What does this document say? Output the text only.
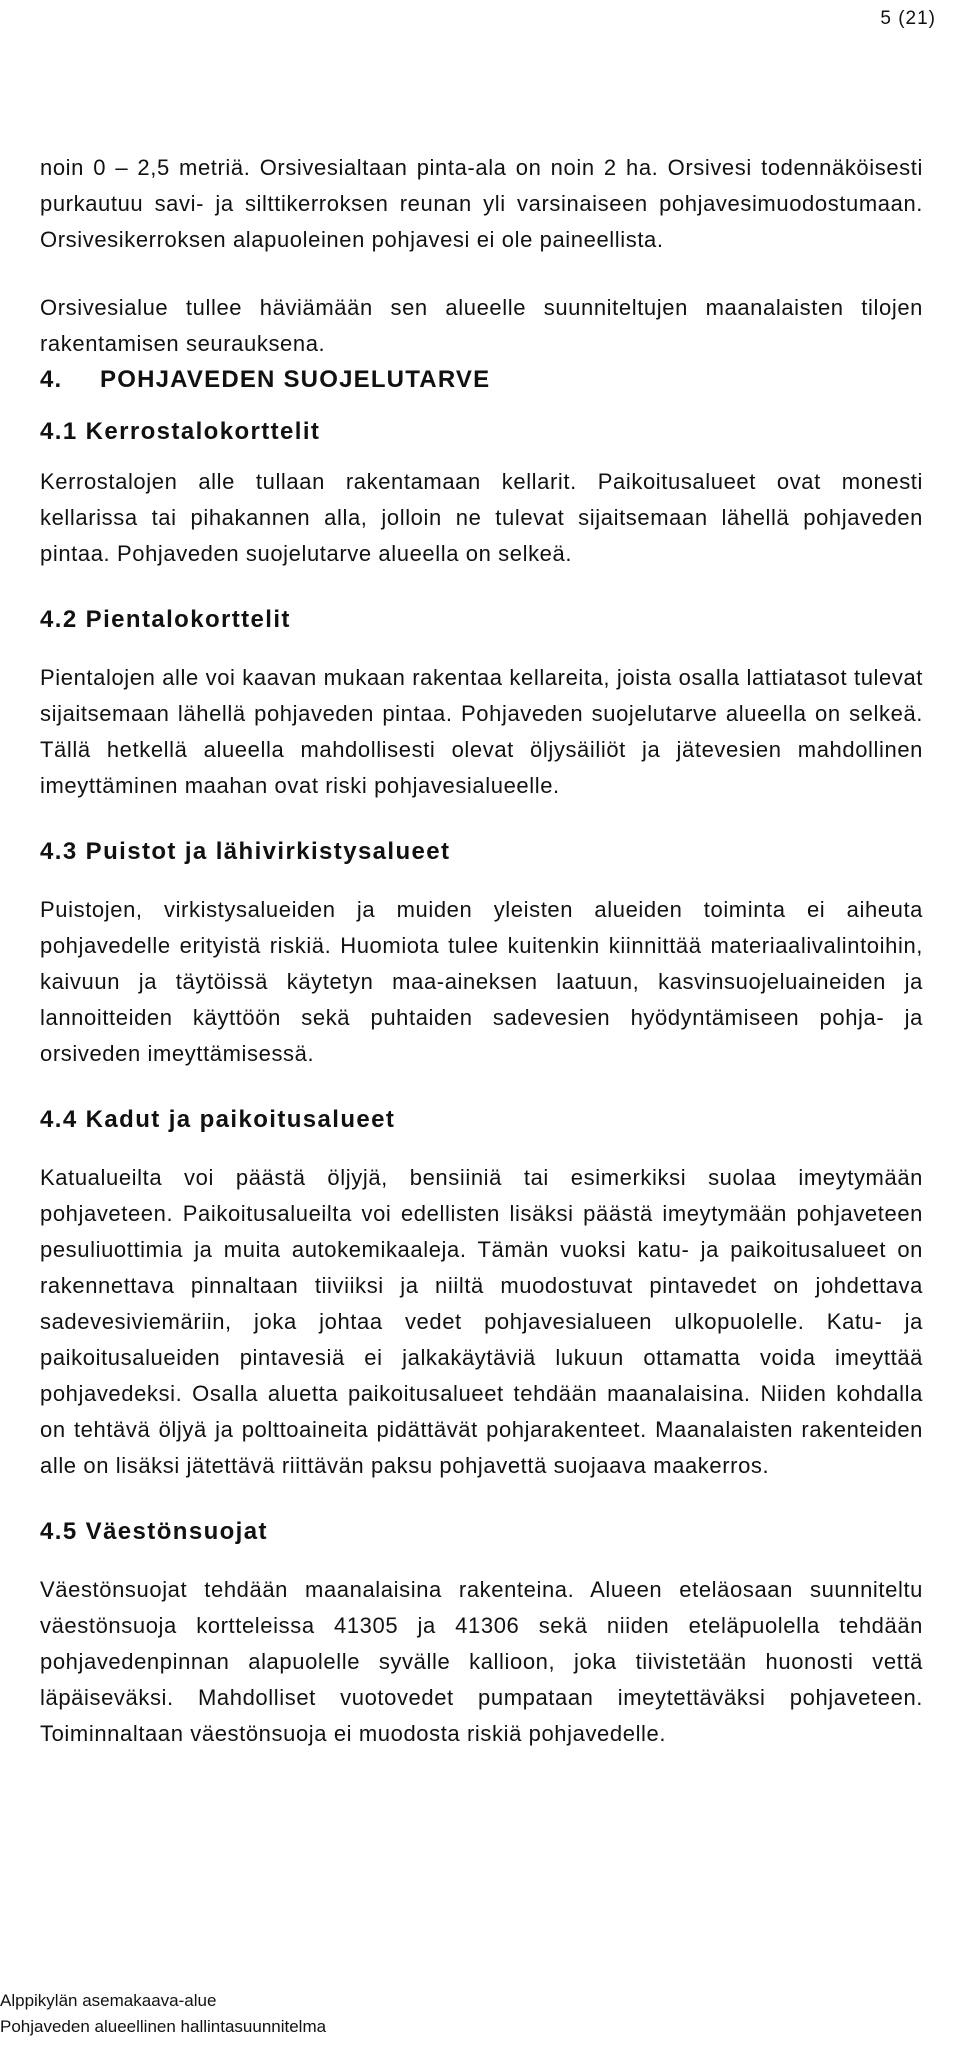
5 (21)

noin 0 – 2,5 metriä. Orsivesialtaan pinta-ala on noin 2 ha. Orsivesi todennäköisesti purkautuu savi- ja silttikerroksen reunan yli varsinaiseen pohjavesimuodostumaan. Orsivesikerroksen alapuoleinen pohjavesi ei ole paineellista.

Orsivesialue tullee häviämään sen alueelle suunniteltujen maanalaisten tilojen rakentamisen seurauksena.

4.	POHJAVEDEN SUOJELUTARVE
4.1 Kerrostalokorttelit

Kerrostalojen alle tullaan rakentamaan kellarit. Paikoitusalueet ovat monesti kellarissa tai pihakannen alla, jolloin ne tulevat sijaitsemaan lähellä pohjaveden pintaa. Pohjaveden suojelutarve alueella on selkeä.

4.2 Pientalokorttelit

Pientalojen alle voi kaavan mukaan rakentaa kellareita, joista osalla lattiatasot tulevat sijaitsemaan lähellä pohjaveden pintaa. Pohjaveden suojelutarve alueella on selkeä. Tällä hetkellä alueella mahdollisesti olevat öljysäiliöt ja jätevesien mahdollinen imeyttäminen maahan ovat riski pohjavesialueelle.

4.3 Puistot ja lähivirkistysalueet

Puistojen, virkistysalueiden ja muiden yleisten alueiden toiminta ei aiheuta pohjavedelle erityistä riskiä. Huomiota tulee kuitenkin kiinnittää materiaalivalintoihin, kaivuun ja täytöissä käytetyn maa-aineksen laatuun, kasvinsuojeluaineiden ja lannoitteiden käyttöön sekä puhtaiden sadevesien hyödyntämiseen pohja- ja orsiveden imeyttämisessä.

4.4 Kadut ja paikoitusalueet

Katualueilta voi päästä öljyjä, bensiiniä tai esimerkiksi suolaa imeytymään pohjaveteen. Paikoitusalueilta voi edellisten lisäksi päästä imeytymään pohjaveteen pesuliuottimia ja muita autokemikaaleja. Tämän vuoksi katu- ja paikoitusalueet on rakennettava pinnaltaan tiiviiksi ja niiltä muodostuvat pintavedet on johdettava sadevesiviemäriin, joka johtaa vedet pohjavesialueen ulkopuolelle. Katu- ja paikoitusalueiden pintavesiä ei jalkakäytäviä lukuun ottamatta voida imeyttää pohjavedeksi. Osalla aluetta paikoitusalueet tehdään maanalaisina. Niiden kohdalla on tehtävä öljyä ja polttoaineita pidättävät pohjarakenteet. Maanalaisten rakenteiden alle on lisäksi jätettävä riittävän paksu pohjavettä suojaava maakerros.

4.5 Väestönsuojat

Väestönsuojat tehdään maanalaisina rakenteina. Alueen eteläosaan suunniteltu väestönsuoja kortteleissa 41305 ja 41306 sekä niiden eteläpuolella tehdään pohjavedenpinnan alapuolelle syvälle kallioon, joka tiivistetään huonosti vettä läpäiseväksi. Mahdolliset vuotovedet pumpataan imeytettäväksi pohjaveteen. Toiminnaltaan väestönsuoja ei muodosta riskiä pohjavedelle.

Alppikylän asemakaava-alue
Pohjaveden alueellinen hallintasuunnitelma
